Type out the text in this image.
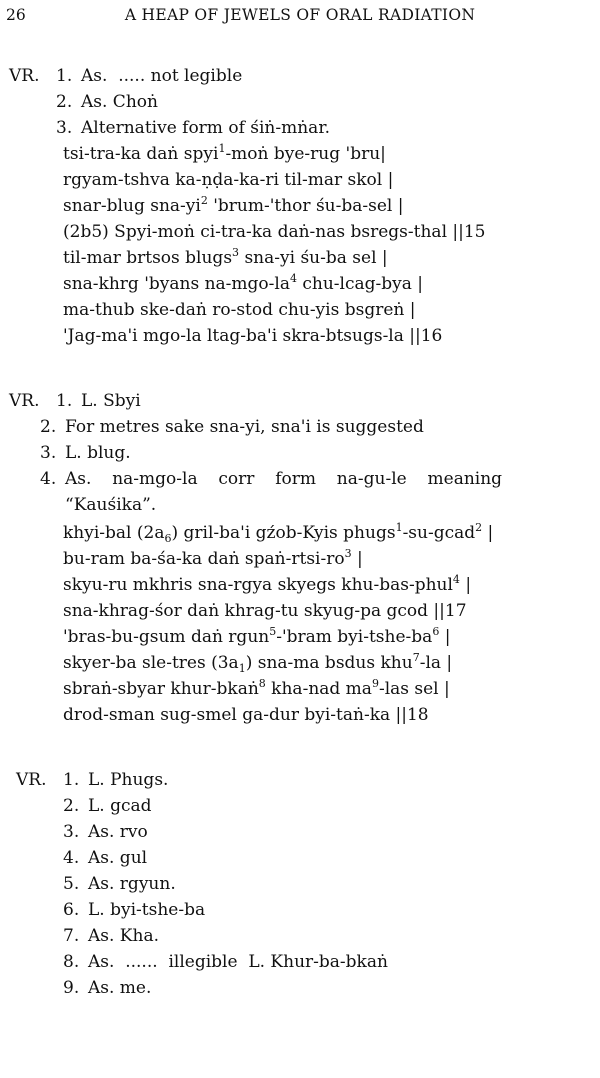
26	A HEAP OF JEWELS OF ORAL RADIATION
VR. 1. As.  ..... not legible
2. As. Choṅ
3. Alternative form of śiṅ-mṅar.
tsi-tra-ka daṅ spyi$^1$-moṅ bye-rug 'bru|
rgyam-tshva ka-ṇḍa-ka-ri til-mar skol |
snar-blug sna-$yi^2$ 'brum-'thor śu-ba-sel |
(2b5) Spyi-moṅ ci-tra-ka daṅ-nas bsregs-thal ||15
til-mar brtsos blugs$^3$ sna-yi śu-ba sel |
sna-khrg 'byans $na-mgo-la^4$ chu-lcag-bya |
ma-thub ske-daṅ ro-stod chu-yis bsgreṅ |
'Jag-ma'i mgo-la ltag-ba'i skra-btsugs-la ||16
VR. 1. L. Sbyi
2. For metres sake sna-yi, sna'i is suggested
3. L. blug.
4. As.  na-mgo-la  corr  form  na-gu-le  meaning
“Kauśika”.
khyi-bal $(2a_6)$ gril-ba'i gźob-Kyis phugs$^1$-su-gcad$^2$ |
bu-ram ba-śa-ka daṅ spaṅ-$rtsi-ro^3$ |
skyu-ru mkhris sna-rgya skyegs khu-bas-phul$^4$ |
sna-khrag-śor daṅ khrag-tu skyug-pa gcod ||17
'bras-bu-gsum daṅ rgun$^5$-'bram byi-$tshe-ba^6$ |
skyer-ba sle-tres $(3a_1)$ sna-ma bsdus khu$^7$-la |
sbraṅ-sbyar khur-bkaṅ$^8$ kha-nad $ma^9$-las sel |
drod-sman sug-smel ga-dur byi-taṅ-ka ||18
VR. 1. L. Phugs.
2. L. gcad
3. As. rvo
4. As. gul
5. As. rgyun.
6. L. byi-tshe-ba
7. As. Kha.
8. As.  ......  illegible  L. Khur-ba-bkaṅ
9. As. me.
